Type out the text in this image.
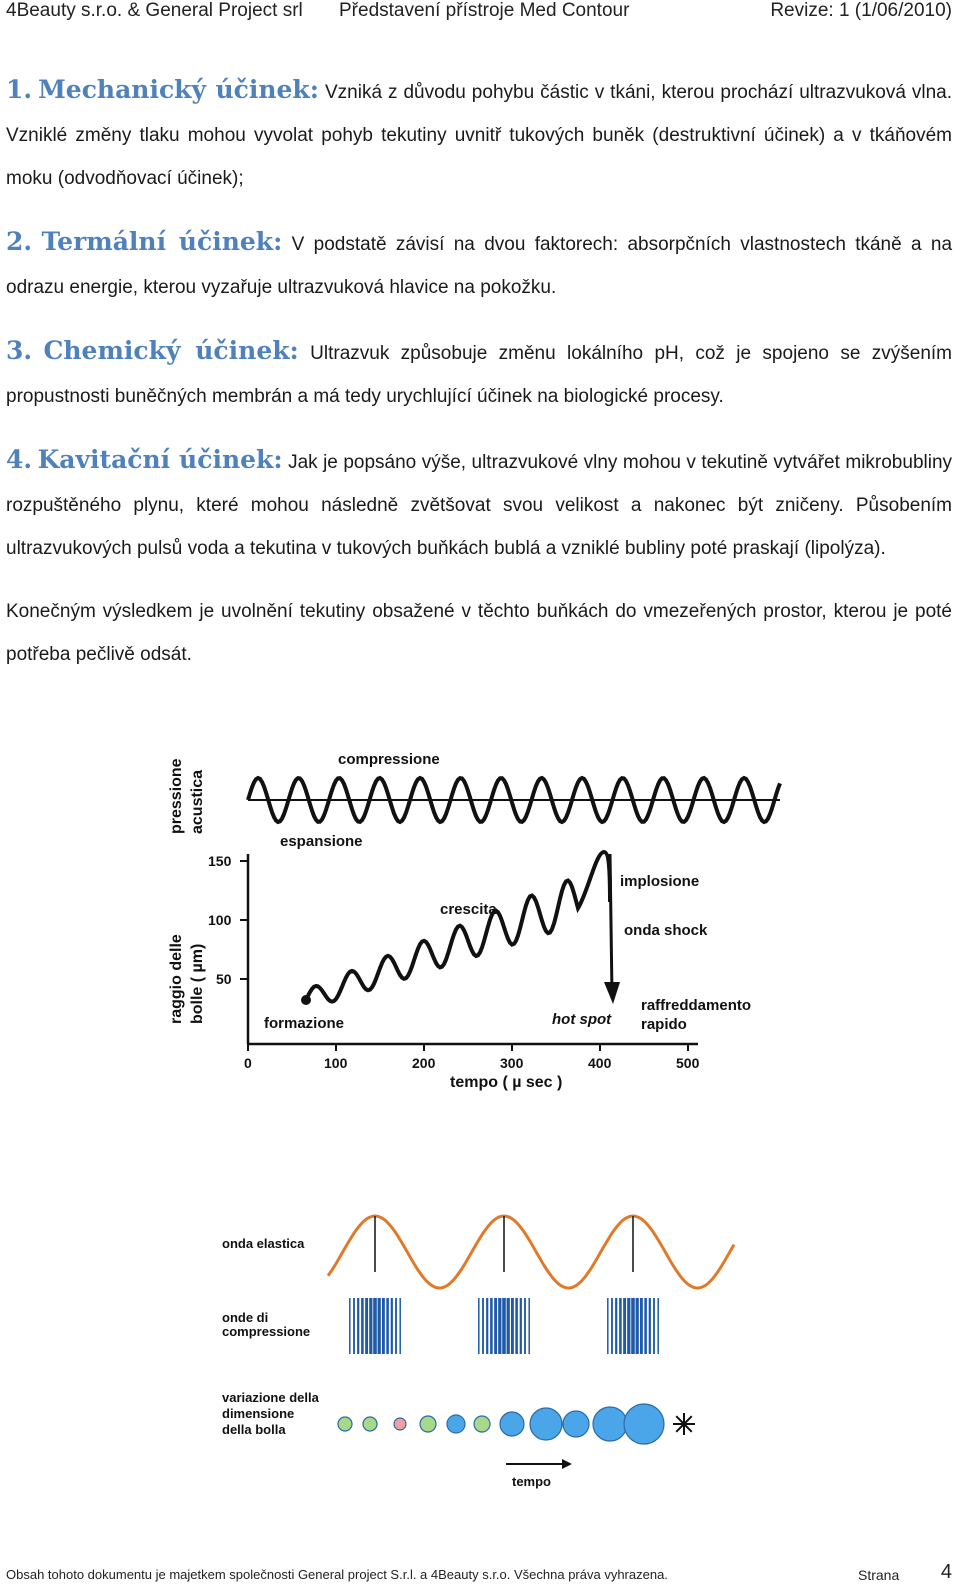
4Beauty s.r.o. & General Project srl Představení přístroje Med Contour	Revize: 1 (1/06/2010)

1. Mechanický účinek: Vzniká z důvodu pohybu částic v tkáni, kterou prochází ultrazvuková vlna. Vzniklé změny tlaku mohou vyvolat pohyb tekutiny uvnitř tukových buněk (destruktivní účinek) a v tkáňovém moku (odvodňovací účinek);

2. Termální účinek: V podstatě závisí na dvou faktorech: absorpčních vlastnostech tkáně a na odrazu energie, kterou vyzařuje ultrazvuková hlavice na pokožku.

3. Chemický účinek: Ultrazvuk způsobuje změnu lokálního pH, což je spojeno se zvýšením propustnosti buněčných membrán a má tedy urychlující účinek na biologické procesy.

4. Kavitační účinek: Jak je popsáno výše, ultrazvukové vlny mohou v tekutině vytvářet mikrobubliny rozpuštěného plynu, které mohou následně zvětšovat svou velikost a nakonec být zničeny. Působením ultrazvukových pulsů voda a tekutina v tukových buňkách bublá a vzniklé bubliny poté praskají (lipolýza).

Konečným výsledkem je uvolnění tekutiny obsažené v těchto buňkách do vmezeřených prostor, kterou je poté potřeba pečlivě odsát.

compressione
espansione
pressione acustica
150
100
50
0	100	200	300	400	500
tempo ( µ sec )
raggio delle bolle ( µm)
crescita
formazione
implosione
onda shock
hot spot
raffreddamento
rapido
onda elastica
onde di
compressione
variazione della
dimensione
della bolla
tempo
Obsah tohoto dokumentu je majetkem společnosti General project S.r.l. a 4Beauty s.r.o. Všechna práva vyhrazena.	Strana 4
